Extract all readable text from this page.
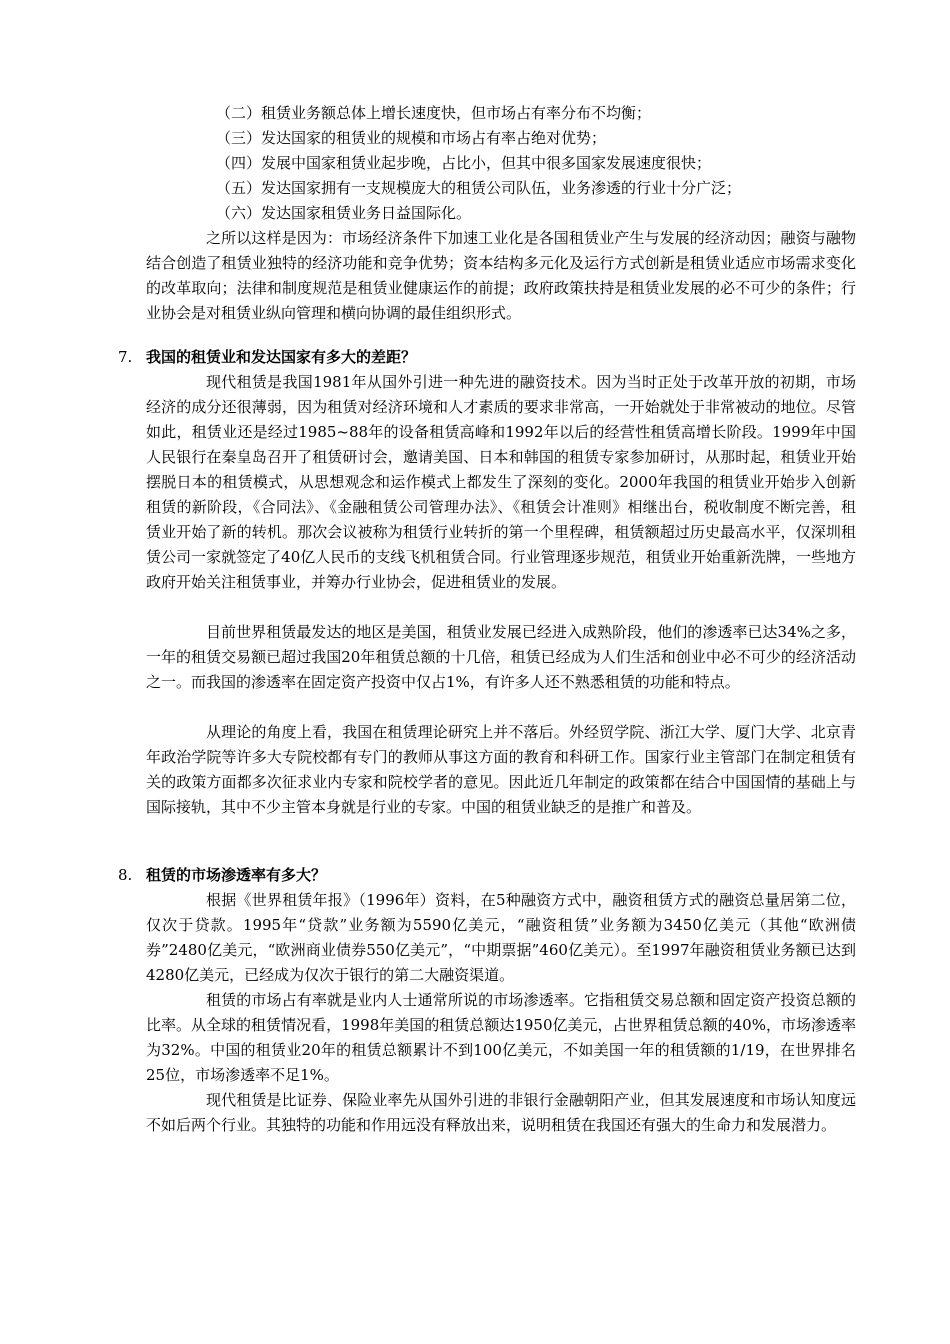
（二）租赁业务额总体上增长速度快，但市场占有率分布不均衡；
（三）发达国家的租赁业的规模和市场占有率占绝对优势；
（四）发展中国家租赁业起步晚，占比小，但其中很多国家发展速度很快；
（五）发达国家拥有一支规模庞大的租赁公司队伍，业务渗透的行业十分广泛；
（六）发达国家租赁业务日益国际化。
之所以这样是因为：市场经济条件下加速工业化是各国租赁业产生与发展的经济动因；融资与融物结合创造了租赁业独特的经济功能和竞争优势；资本结构多元化及运行方式创新是租赁业适应市场需求变化的改革取向；法律和制度规范是租赁业健康运作的前提；政府政策扶持是租赁业发展的必不可少的条件；行业协会是对租赁业纵向管理和横向协调的最佳组织形式。
7. 我国的租赁业和发达国家有多大的差距？
现代租赁是我国1981年从国外引进一种先进的融资技术。因为当时正处于改革开放的初期，市场经济的成分还很薄弱，因为租赁对经济环境和人才素质的要求非常高，一开始就处于非常被动的地位。尽管如此，租赁业还是经过1985~88年的设备租赁高峰和1992年以后的经营性租赁高增长阶段。1999年中国人民银行在秦皇岛召开了租赁研讨会，邀请美国、日本和韩国的租赁专家参加研讨，从那时起，租赁业开始摆脱日本的租赁模式，从思想观念和运作模式上都发生了深刻的变化。2000年我国的租赁业开始步入创新租赁的新阶段，《合同法》、《金融租赁公司管理办法》、《租赁会计准则》相继出台，税收制度不断完善，租赁业开始了新的转机。那次会议被称为租赁行业转折的第一个里程碑，租赁额超过历史最高水平，仅深圳租赁公司一家就签定了40亿人民币的支线飞机租赁合同。行业管理逐步规范，租赁业开始重新洗牌，一些地方政府开始关注租赁事业，并筹办行业协会，促进租赁业的发展。
目前世界租赁最发达的地区是美国，租赁业发展已经进入成熟阶段，他们的渗透率已达34%之多，一年的租赁交易额已超过我国20年租赁总额的十几倍，租赁已经成为人们生活和创业中必不可少的经济活动之一。而我国的渗透率在固定资产投资中仅占1%，有许多人还不熟悉租赁的功能和特点。
从理论的角度上看，我国在租赁理论研究上并不落后。外经贸学院、浙江大学、厦门大学、北京青年政治学院等许多大专院校都有专门的教师从事这方面的教育和科研工作。国家行业主管部门在制定租赁有关的政策方面都多次征求业内专家和院校学者的意见。因此近几年制定的政策都在结合中国国情的基础上与国际接轨，其中不少主管本身就是行业的专家。中国的租赁业缺乏的是推广和普及。
8. 租赁的市场渗透率有多大？
根据《世界租赁年报》（1996年）资料，在5种融资方式中，融资租赁方式的融资总量居第二位，仅次于贷款。1995年“贷款”业务额为5590亿美元，“融资租赁”业务额为3450亿美元（其他“欧洲债券”2480亿美元，“欧洲商业债券550亿美元”，“中期票据”460亿美元）。至1997年融资租赁业务额已达到4280亿美元，已经成为仅次于银行的第二大融资渠道。
租赁的市场占有率就是业内人士通常所说的市场渗透率。它指租赁交易总额和固定资产投资总额的比率。从全球的租赁情况看，1998年美国的租赁总额达1950亿美元，占世界租赁总额的40%，市场渗透率为32%。中国的租赁业20年的租赁总额累计不到100亿美元，不如美国一年的租赁额的1/19，在世界排名25位，市场渗透率不足1%。
现代租赁是比证券、保险业率先从国外引进的非银行金融朝阳产业，但其发展速度和市场认知度远不如后两个行业。其独特的功能和作用远没有释放出来，说明租赁在我国还有强大的生命力和发展潜力。
